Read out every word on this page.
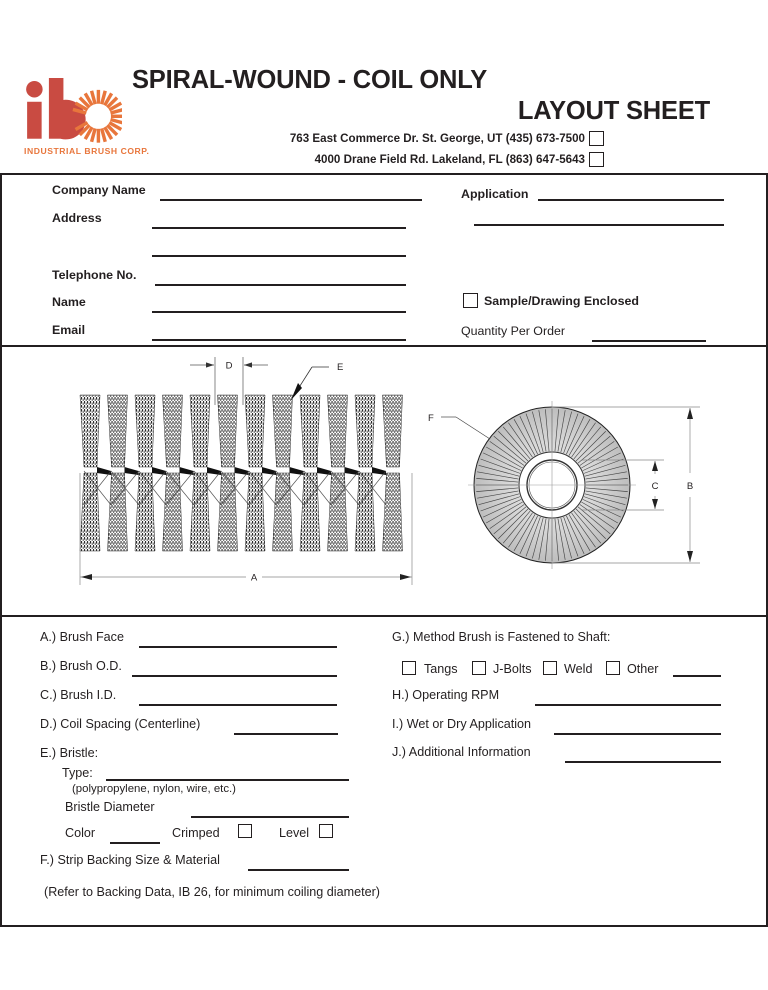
INDUSTRIAL BRUSH CORP.
SPIRAL-WOUND - COIL ONLY
LAYOUT SHEET
763 East Commerce Dr. St. George, UT (435) 673-7500
4000 Drane Field Rd. Lakeland, FL (863) 647-5643
Company Name
Address
Telephone No.
Name
Email
Application
Sample/Drawing Enclosed
Quantity Per Order
D	E
A
F
B
C
A.) Brush Face
B.) Brush O.D.
C.) Brush I.D.
D.) Coil Spacing (Centerline)
E.) Bristle:
Type:
(polypropylene, nylon, wire, etc.)
Bristle Diameter
Color	Crimped	Level
F.) Strip Backing Size & Material
(Refer to Backing Data, IB 26, for minimum coiling diameter)
G.) Method Brush is Fastened to Shaft:
Tangs	J-Bolts	Weld	Other
H.) Operating RPM
I.) Wet or Dry Application
J.) Additional Information
